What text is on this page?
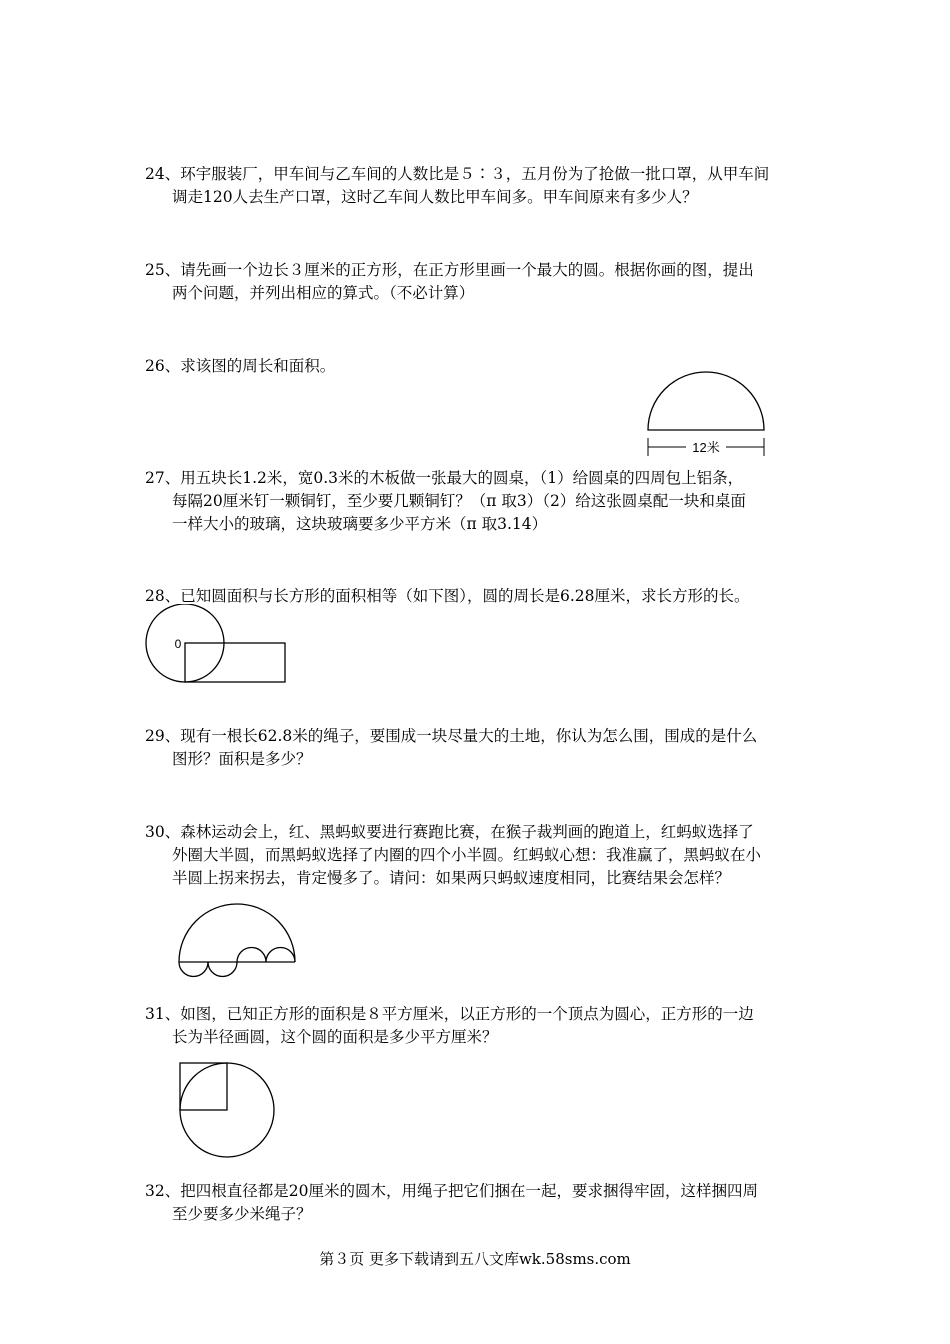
24、环宇服装厂，甲车间与乙车间的人数比是５∶３，五月份为了抢做一批口罩，从甲车间
调走120人去生产口罩，这时乙车间人数比甲车间多。甲车间原来有多少人？
25、请先画一个边长３厘米的正方形，在正方形里画一个最大的圆。根据你画的图，提出
两个问题，并列出相应的算式。（不必计算）
26、求该图的周长和面积。
12米
27、用五块长1.2米，宽0.3米的木板做一张最大的圆桌，（1）给圆桌的四周包上铝条，
每隔20厘米钉一颗铜钉，至少要几颗铜钉？（π 取3）（2）给这张圆桌配一块和桌面
一样大小的玻璃，这块玻璃要多少平方米（π 取3.14）
28、已知圆面积与长方形的面积相等（如下图），圆的周长是6.28厘米，求长方形的长。
0
29、现有一根长62.8米的绳子，要围成一块尽量大的土地，你认为怎么围，围成的是什么
图形？面积是多少？
30、森林运动会上，红、黑蚂蚁要进行赛跑比赛，在猴子裁判画的跑道上，红蚂蚁选择了
外圈大半圆，而黑蚂蚁选择了内圈的四个小半圆。红蚂蚁心想：我准赢了，黑蚂蚁在小
半圆上拐来拐去，肯定慢多了。请问：如果两只蚂蚁速度相同，比赛结果会怎样？
31、如图，已知正方形的面积是８平方厘米，以正方形的一个顶点为圆心，正方形的一边
长为半径画圆，这个圆的面积是多少平方厘米？
32、把四根直径都是20厘米的圆木，用绳子把它们捆在一起，要求捆得牢固，这样捆四周
至少要多少米绳子？
第３页 更多下载请到五八文库wk.58sms.com
